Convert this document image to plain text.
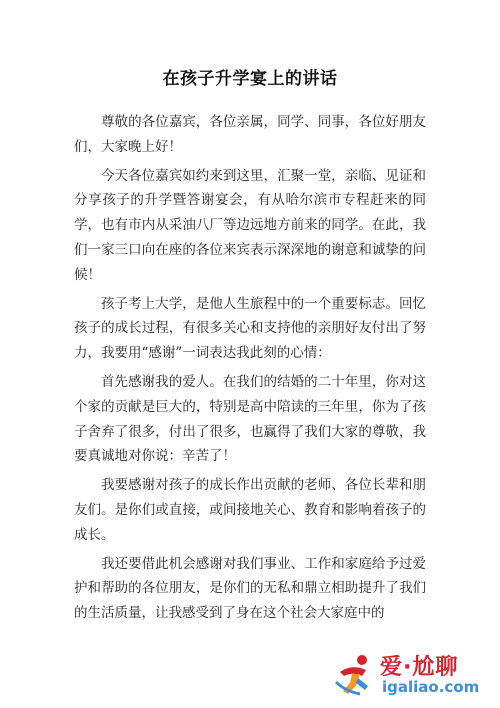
在孩子升学宴上的讲话

尊敬的各位嘉宾，各位亲属，同学、同事，各位好朋友们，大家晚上好！

今天各位嘉宾如约来到这里，汇聚一堂，亲临、见证和分享孩子的升学暨答谢宴会，有从哈尔滨市专程赶来的同学，也有市内从采油八厂等边远地方前来的同学。在此，我们一家三口向在座的各位来宾表示深深地的谢意和诚挚的问候！

孩子考上大学，是他人生旅程中的一个重要标志。回忆孩子的成长过程，有很多关心和支持他的亲朋好友付出了努力，我要用“感谢”一词表达我此刻的心情：

首先感谢我的爱人。在我们的结婚的二十年里，你对这个家的贡献是巨大的，特别是高中陪读的三年里，你为了孩子舍弃了很多，付出了很多，也赢得了我们大家的尊敬，我要真诚地对你说：辛苦了！

我要感谢对孩子的成长作出贡献的老师、各位长辈和朋友们。是你们或直接，或间接地关心、教育和影响着孩子的成长。

我还要借此机会感谢对我们事业、工作和家庭给予过爱护和帮助的各位朋友，是你们的无私和鼎立相助提升了我们的生活质量，让我感受到了身在这个社会大家庭中的

爱·尬聊
igaliao.com
